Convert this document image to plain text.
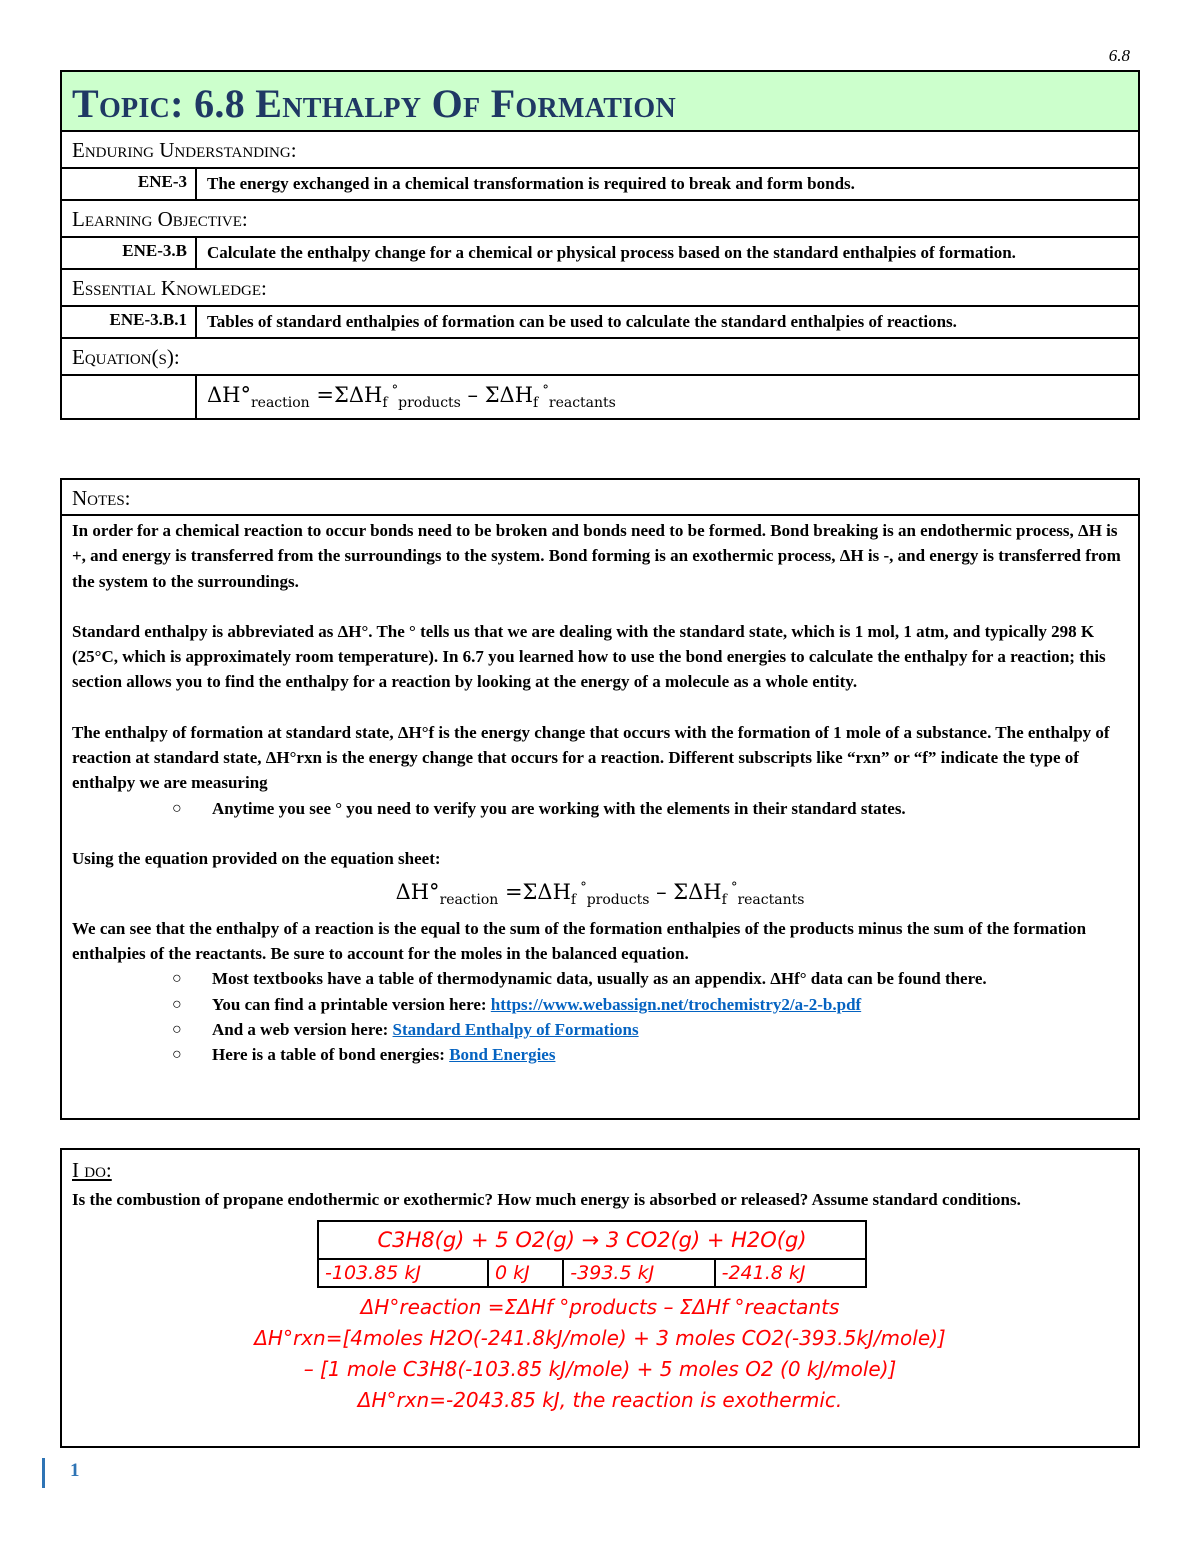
6.8
Topic: 6.8 Enthalpy Of Formation
Enduring Understanding:
ENE-3	The energy exchanged in a chemical transformation is required to break and form bonds.
Learning Objective:
ENE-3.B	Calculate the enthalpy change for a chemical or physical process based on the standard enthalpies of formation.
Essential Knowledge:
ENE-3.B.1	Tables of standard enthalpies of formation can be used to calculate the standard enthalpies of reactions.
Equation(s):
$\Delta H^\circ_{reaction} =\Sigma\Delta H_f$ $^\circ_{products} - \Sigma\Delta H_f$ °$_{reactants}$
Notes:

In order for a chemical reaction to occur bonds need to be broken and bonds need to be formed. Bond breaking is an endothermic process, ΔH is +, and energy is transferred from the surroundings to the system. Bond forming is an exothermic process, ΔH is -, and energy is transferred from the system to the surroundings.

Standard enthalpy is abbreviated as ΔH°. The ° tells us that we are dealing with the standard state, which is 1 mol, 1 atm, and typically 298 K (25°C, which is approximately room temperature). In 6.7 you learned how to use the bond energies to calculate the enthalpy for a reaction; this section allows you to find the enthalpy for a reaction by looking at the energy of a molecule as a whole entity.

The enthalpy of formation at standard state, ΔH°f is the energy change that occurs with the formation of 1 mole of a substance. The enthalpy of reaction at standard state, ΔH°rxn is the energy change that occurs for a reaction. Different subscripts like “rxn” or “f” indicate the type of enthalpy we are measuring

○ Anytime you see ° you need to verify you are working with the elements in their standard states.

Using the equation provided on the equation sheet:

$\Delta H^\circ_{reaction} =\Sigma\Delta H_f$ $^\circ_{products} - \Sigma\Delta H_f$ °$_{reactants}$

We can see that the enthalpy of a reaction is the equal to the sum of the formation enthalpies of the products minus the sum of the formation enthalpies of the reactants. Be sure to account for the moles in the balanced equation.

○ Most textbooks have a table of thermodynamic data, usually as an appendix. ΔHf° data can be found there.
○ You can find a printable version here: https://www.webassign.net/trochemistry2/a-2-b.pdf
○ And a web version here: Standard Enthalpy of Formations
○ Here is a table of bond energies: Bond Energies
I do:
Is the combustion of propane endothermic or exothermic? How much energy is absorbed or released? Assume standard conditions.
C3H8(g) + 5 O2(g) → 3 CO2(g) + H2O(g)
-103.85 kJ	0 kJ	-393.5 kJ	-241.8 kJ
ΔH°reaction =ΣΔHf °products – ΣΔHf °reactants
ΔH°rxn=[4moles H2O(-241.8kJ/mole) + 3 moles CO2(-393.5kJ/mole)]
– [1 mole C3H8(-103.85 kJ/mole) + 5 moles O2 (0 kJ/mole)]
ΔH°rxn=-2043.85 kJ, the reaction is exothermic.
1
